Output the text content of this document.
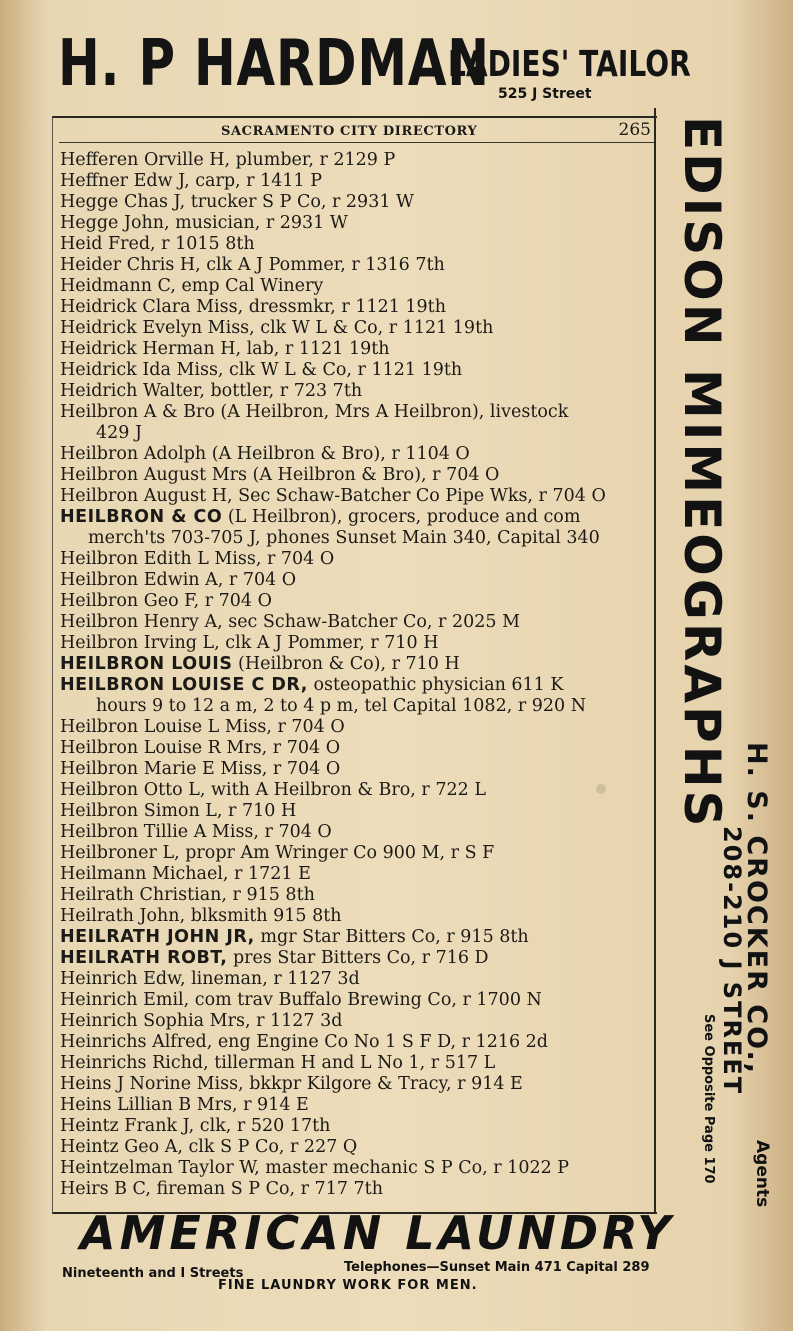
H. P HARDMAN
LADIES' TAILOR
525 J Street
SACRAMENTO CITY DIRECTORY	265
Hefferen Orville H, plumber, r 2129 P
Heffner Edw J, carp, r 1411 P
Hegge Chas J, trucker S P Co, r 2931 W
Hegge John, musician, r 2931 W
Heid Fred, r 1015 8th
Heider Chris H, clk A J Pommer, r 1316 7th
Heidmann C, emp Cal Winery
Heidrick Clara Miss, dressmkr, r 1121 19th
Heidrick Evelyn Miss, clk W L & Co, r 1121 19th
Heidrick Herman H, lab, r 1121 19th
Heidrick Ida Miss, clk W L & Co, r 1121 19th
Heidrich Walter, bottler, r 723 7th
Heilbron A & Bro (A Heilbron, Mrs A Heilbron), livestock
429 J
Heilbron Adolph (A Heilbron & Bro), r 1104 O
Heilbron August Mrs (A Heilbron & Bro), r 704 O
Heilbron August H, Sec Schaw-Batcher Co Pipe Wks, r 704 O
HEILBRON & CO (L Heilbron), grocers, produce and com
merch'ts 703-705 J, phones Sunset Main 340, Capital 340
Heilbron Edith L Miss, r 704 O
Heilbron Edwin A, r 704 O
Heilbron Geo F, r 704 O
Heilbron Henry A, sec Schaw-Batcher Co, r 2025 M
Heilbron Irving L, clk A J Pommer, r 710 H
HEILBRON LOUIS (Heilbron & Co), r 710 H
HEILBRON LOUISE C DR, osteopathic physician 611 K
hours 9 to 12 a m, 2 to 4 p m, tel Capital 1082, r 920 N
Heilbron Louise L Miss, r 704 O
Heilbron Louise R Mrs, r 704 O
Heilbron Marie E Miss, r 704 O
Heilbron Otto L, with A Heilbron & Bro, r 722 L
Heilbron Simon L, r 710 H
Heilbron Tillie A Miss, r 704 O
Heilbroner L, propr Am Wringer Co 900 M, r S F
Heilmann Michael, r 1721 E
Heilrath Christian, r 915 8th
Heilrath John, blksmith 915 8th
HEILRATH JOHN JR, mgr Star Bitters Co, r 915 8th
HEILRATH ROBT, pres Star Bitters Co, r 716 D
Heinrich Edw, lineman, r 1127 3d
Heinrich Emil, com trav Buffalo Brewing Co, r 1700 N
Heinrich Sophia Mrs, r 1127 3d
Heinrichs Alfred, eng Engine Co No 1 S F D, r 1216 2d
Heinrichs Richd, tillerman H and L No 1, r 517 L
Heins J Norine Miss, bkkpr Kilgore & Tracy, r 914 E
Heins Lillian B Mrs, r 914 E
Heintz Frank J, clk, r 520 17th
Heintz Geo A, clk S P Co, r 227 Q
Heintzelman Taylor W, master mechanic S P Co, r 1022 P
Heirs B C, fireman S P Co, r 717 7th
EDISON MIMEOGRAPHS
H. S. CROCKER CO.,
208-210 J STREET
See Opposite Page 170 Agents
AMERICAN LAUNDRY
Nineteenth and I Streets	Telephones—Sunset Main 471 Capital 289
FINE LAUNDRY WORK FOR MEN.
